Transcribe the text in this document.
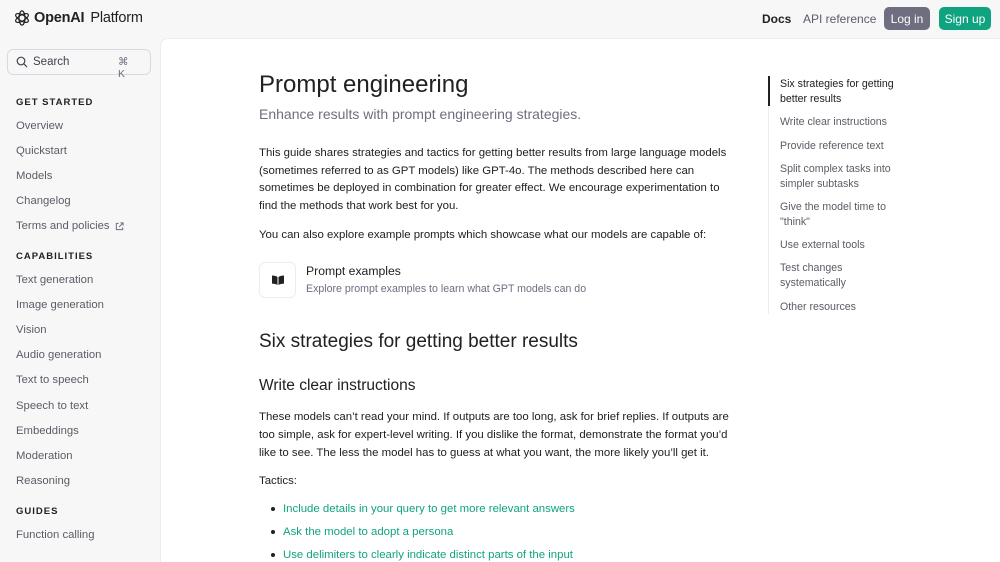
OpenAI Platform	Docs API reference	Log in	Sign up
Search	⌘ K
GET STARTED
Overview
Quickstart
Models
Changelog
Terms and policies
CAPABILITIES
Text generation
Image generation
Vision
Audio generation
Text to speech
Speech to text
Embeddings
Moderation
Reasoning
GUIDES
Function calling
Prompt engineering
Enhance results with prompt engineering strategies.

This guide shares strategies and tactics for getting better results from large language models (sometimes referred to as GPT models) like GPT-4o. The methods described here can sometimes be deployed in combination for greater effect. We encourage experimentation to find the methods that work best for you.

You can also explore example prompts which showcase what our models are capable of:

Prompt examples
Explore prompt examples to learn what GPT models can do
Six strategies for getting better results
Write clear instructions

These models can’t read your mind. If outputs are too long, ask for brief replies. If outputs are too simple, ask for expert-level writing. If you dislike the format, demonstrate the format you’d like to see. The less the model has to guess at what you want, the more likely you’ll get it.

Tactics:
Include details in your query to get more relevant answers
Ask the model to adopt a persona
Use delimiters to clearly indicate distinct parts of the input
Six strategies for getting better results
Write clear instructions
Provide reference text
Split complex tasks into simpler subtasks
Give the model time to "think"
Use external tools
Test changes systematically
Other resources
